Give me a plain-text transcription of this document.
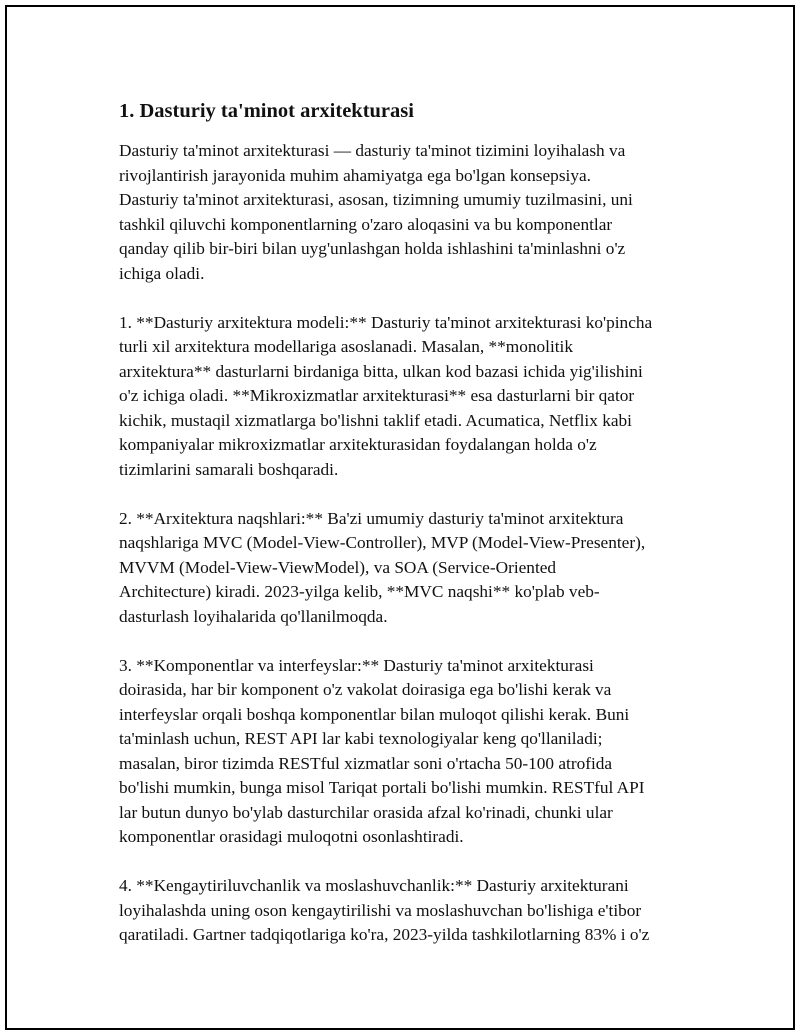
1. Dasturiy ta'minot arxitekturasi
Dasturiy ta'minot arxitekturasi — dasturiy ta'minot tizimini loyihalash va
rivojlantirish jarayonida muhim ahamiyatga ega bo'lgan konsepsiya.
Dasturiy ta'minot arxitekturasi, asosan, tizimning umumiy tuzilmasini, uni
tashkil qiluvchi komponentlarning o'zaro aloqasini va bu komponentlar
qanday qilib bir-biri bilan uyg'unlashgan holda ishlashini ta'minlashni o'z
ichiga oladi.
1. **Dasturiy arxitektura modeli:** Dasturiy ta'minot arxitekturasi ko'pincha
turli xil arxitektura modellariga asoslanadi. Masalan, **monolitik
arxitektura** dasturlarni birdaniga bitta, ulkan kod bazasi ichida yig'ilishini
o'z ichiga oladi. **Mikroxizmatlar arxitekturasi** esa dasturlarni bir qator
kichik, mustaqil xizmatlarga bo'lishni taklif etadi. Acumatica, Netflix kabi
kompaniyalar mikroxizmatlar arxitekturasidan foydalangan holda o'z
tizimlarini samarali boshqaradi.
2. **Arxitektura naqshlari:** Ba'zi umumiy dasturiy ta'minot arxitektura
naqshlariga MVC (Model-View-Controller), MVP (Model-View-Presenter),
MVVM (Model-View-ViewModel), va SOA (Service-Oriented
Architecture) kiradi. 2023-yilga kelib, **MVC naqshi** ko'plab veb-
dasturlash loyihalarida qo'llanilmoqda.
3. **Komponentlar va interfeyslar:** Dasturiy ta'minot arxitekturasi
doirasida, har bir komponent o'z vakolat doirasiga ega bo'lishi kerak va
interfeyslar orqali boshqa komponentlar bilan muloqot qilishi kerak. Buni
ta'minlash uchun, REST API lar kabi texnologiyalar keng qo'llaniladi;
masalan, biror tizimda RESTful xizmatlar soni o'rtacha 50-100 atrofida
bo'lishi mumkin, bunga misol Tariqat portali bo'lishi mumkin. RESTful API
lar butun dunyo bo'ylab dasturchilar orasida afzal ko'rinadi, chunki ular
komponentlar orasidagi muloqotni osonlashtiradi.
4. **Kengaytiriluvchanlik va moslashuvchanlik:** Dasturiy arxitekturani
loyihalashda uning oson kengaytirilishi va moslashuvchan bo'lishiga e'tibor
qaratiladi. Gartner tadqiqotlariga ko'ra, 2023-yilda tashkilotlarning 83% i o'z
